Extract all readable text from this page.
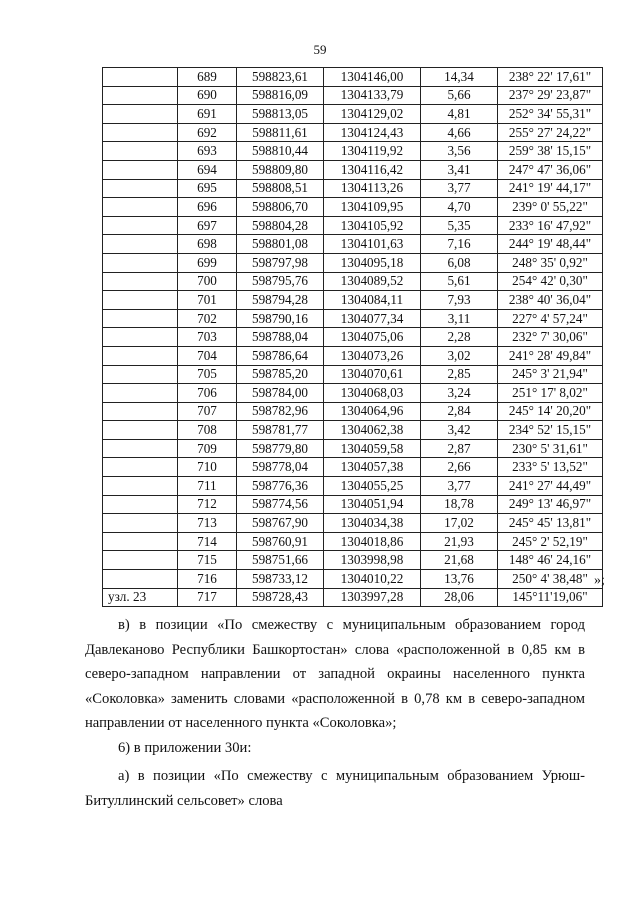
59
	689	598823,61	1304146,00	14,34	238° 22' 17,61"
	690	598816,09	1304133,79	5,66	237° 29' 23,87"
	691	598813,05	1304129,02	4,81	252° 34' 55,31"
	692	598811,61	1304124,43	4,66	255° 27' 24,22"
	693	598810,44	1304119,92	3,56	259° 38' 15,15"
	694	598809,80	1304116,42	3,41	247° 47' 36,06"
	695	598808,51	1304113,26	3,77	241° 19' 44,17"
	696	598806,70	1304109,95	4,70	239° 0' 55,22"
	697	598804,28	1304105,92	5,35	233° 16' 47,92"
	698	598801,08	1304101,63	7,16	244° 19' 48,44"
	699	598797,98	1304095,18	6,08	248° 35' 0,92"
	700	598795,76	1304089,52	5,61	254° 42' 0,30"
	701	598794,28	1304084,11	7,93	238° 40' 36,04"
	702	598790,16	1304077,34	3,11	227° 4' 57,24"
	703	598788,04	1304075,06	2,28	232° 7' 30,06"
	704	598786,64	1304073,26	3,02	241° 28' 49,84"
	705	598785,20	1304070,61	2,85	245° 3' 21,94"
	706	598784,00	1304068,03	3,24	251° 17' 8,02"
	707	598782,96	1304064,96	2,84	245° 14' 20,20"
	708	598781,77	1304062,38	3,42	234° 52' 15,15"
	709	598779,80	1304059,58	2,87	230° 5' 31,61"
	710	598778,04	1304057,38	2,66	233° 5' 13,52"
	711	598776,36	1304055,25	3,77	241° 27' 44,49"
	712	598774,56	1304051,94	18,78	249° 13' 46,97"
	713	598767,90	1304034,38	17,02	245° 45' 13,81"
	714	598760,91	1304018,86	21,93	245° 2' 52,19"
	715	598751,66	1303998,98	21,68	148° 46' 24,16"
	716	598733,12	1304010,22	13,76	250° 4' 38,48"
узл. 23	717	598728,43	1303997,28	28,06	145°11'19,06"
»;

в) в позиции «По смежеству с муниципальным образованием город Давлеканово Республики Башкортостан» слова «расположенной в 0,85 км в северо-западном направлении от западной окраины населенного пункта «Соколовка» заменить словами «расположенной в 0,78 км в северо-западном направлении от населенного пункта «Соколовка»;

6) в приложении 30и:

а) в позиции «По смежеству с муниципальным образованием Урюш-Битуллинский сельсовет» слова
